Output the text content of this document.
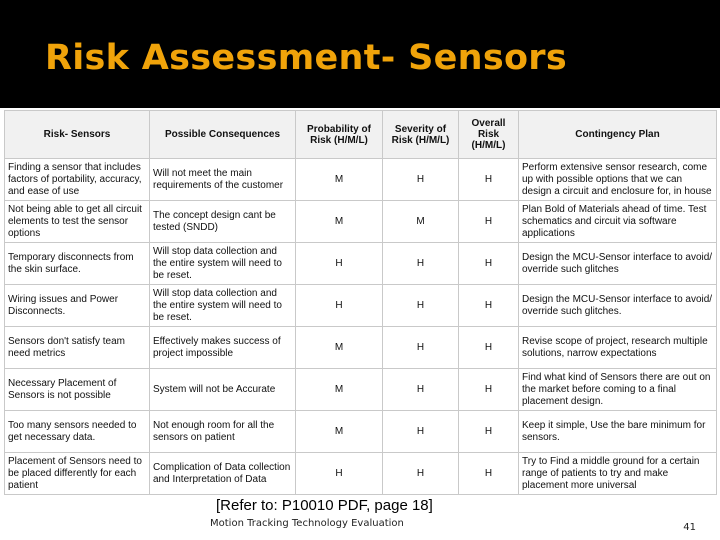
Risk Assessment- Sensors
Risk- Sensors	Possible Consequences	Probability of Risk (H/M/L)	Severity of Risk (H/M/L)	Overall Risk (H/M/L)	Contingency Plan
Finding a sensor that includes factors of portability, accuracy, and ease of use	Will not meet the main requirements of the customer	M	H	H	Perform extensive sensor research, come up with possible options that we can design a circuit and enclosure for, in house
Not being able to get all circuit elements to test the sensor options	The concept design cant be tested (SNDD)	M	M	H	Plan Bold of Materials ahead of time. Test schematics and circuit via software applications
Temporary disconnects from the skin surface.	Will stop data collection and the entire system will need to be reset.	H	H	H	Design the MCU-Sensor interface to avoid/ override such glitches
Wiring issues and Power Disconnects.	Will stop data collection and the entire system will need to be reset.	H	H	H	Design the MCU-Sensor interface to avoid/ override such glitches.
Sensors don't satisfy team need metrics	Effectively makes success of project impossible	M	H	H	Revise scope of project, research multiple solutions, narrow expectations
Necessary Placement of Sensors is not possible	System will not be Accurate	M	H	H	Find what kind of Sensors there are out on the market before coming to a final placement design.
Too many sensors needed to get necessary data.	Not enough room for all the sensors on patient	M	H	H	Keep it simple, Use the bare minimum for sensors.
Placement of Sensors need to be placed differently for each patient	Complication of Data collection and Interpretation of Data	H	H	H	Try to Find a middle ground for a certain range of patients to try and make placement more universal

[Refer to: P10010 PDF, page 18]

Motion Tracking Technology Evaluation	41
